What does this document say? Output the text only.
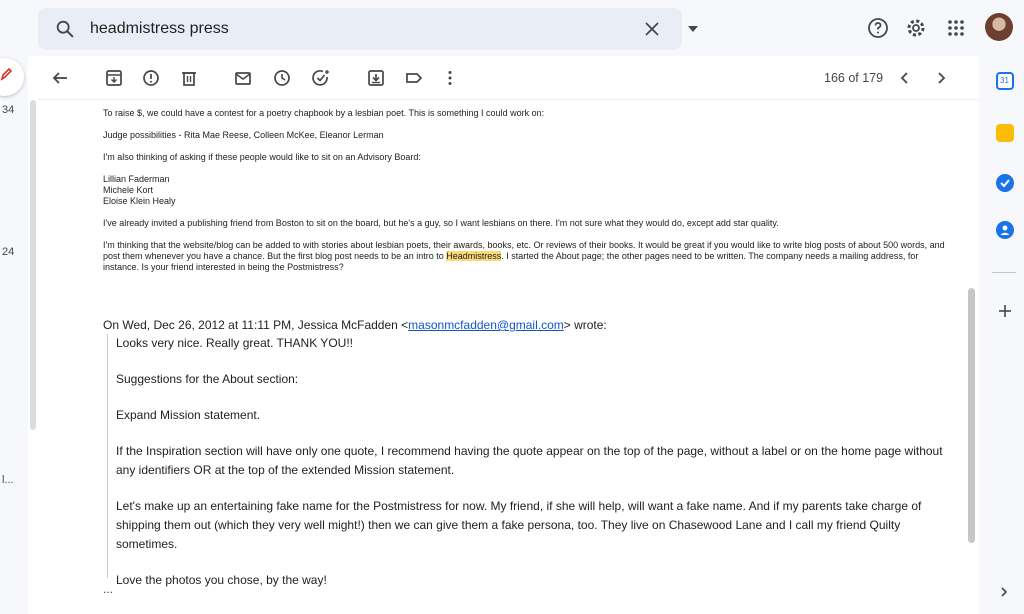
headmistress press
34
24
l...
166 of 179

To raise $, we could have a contest for a poetry chapbook by a lesbian poet. This is something I could work on:

Judge possibilities - Rita Mae Reese, Colleen McKee, Eleanor Lerman

I'm also thinking of asking if these people would like to sit on an Advisory Board:

Lillian Faderman

Michele Kort

Eloise Klein Healy

I've already invited a publishing friend from Boston to sit on the board, but he's a guy, so I want lesbians on there. I'm not sure what they would do, except add star quality.

I'm thinking that the website/blog can be added to with stories about lesbian poets, their awards, books, etc. Or reviews of their books. It would be great if you would like to write blog posts of about 500 words, and post them whenever you have a chance. But the first blog post needs to be an intro to Headmistress. I started the About page; the other pages need to be written. The company needs a mailing address, for instance. Is your friend interested in being the Postmistress?

On Wed, Dec 26, 2012 at 11:11 PM, Jessica McFadden <masonmcfadden@gmail.com> wrote:

Looks very nice. Really great. THANK YOU!!

Suggestions for the About section:

Expand Mission statement.

If the Inspiration section will have only one quote, I recommend having the quote appear on the top of the page, without a label or on the home page without any identifiers OR at the top of the extended Mission statement.

Let's make up an entertaining fake name for the Postmistress for now. My friend, if she will help, will want a fake name. And if my parents take charge of shipping them out (which they very well might!) then we can give them a fake persona, too. They live on Chasewood Lane and I call my friend Quilty sometimes.

Love the photos you chose, by the way!

...
31
